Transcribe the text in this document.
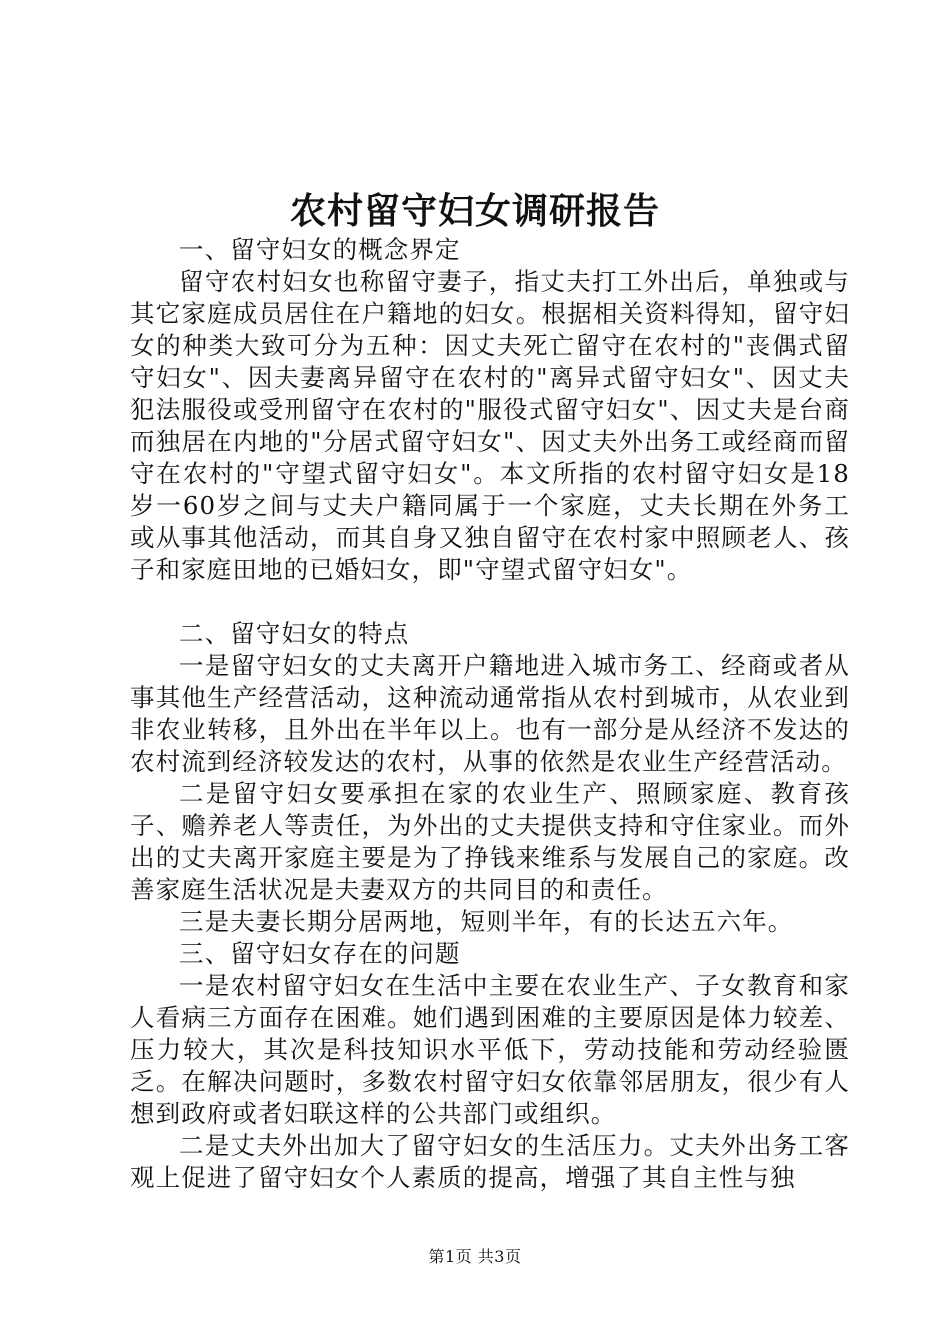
农村留守妇女调研报告

一、留守妇女的概念界定

留守农村妇女也称留守妻子，指丈夫打工外出后，单独或与其它家庭成员居住在户籍地的妇女。根据相关资料得知，留守妇女的种类大致可分为五种：因丈夫死亡留守在农村的"丧偶式留守妇女"、因夫妻离异留守在农村的"离异式留守妇女"、因丈夫犯法服役或受刑留守在农村的"服役式留守妇女"、因丈夫是台商而独居在内地的"分居式留守妇女"、因丈夫外出务工或经商而留守在农村的"守望式留守妇女"。本文所指的农村留守妇女是18岁一60岁之间与丈夫户籍同属于一个家庭，丈夫长期在外务工或从事其他活动，而其自身又独自留守在农村家中照顾老人、孩子和家庭田地的已婚妇女，即"守望式留守妇女"。

二、留守妇女的特点

一是留守妇女的丈夫离开户籍地进入城市务工、经商或者从事其他生产经营活动，这种流动通常指从农村到城市，从农业到非农业转移，且外出在半年以上。也有一部分是从经济不发达的农村流到经济较发达的农村，从事的依然是农业生产经营活动。

二是留守妇女要承担在家的农业生产、照顾家庭、教育孩子、赡养老人等责任，为外出的丈夫提供支持和守住家业。而外出的丈夫离开家庭主要是为了挣钱来维系与发展自己的家庭。改善家庭生活状况是夫妻双方的共同目的和责任。

三是夫妻长期分居两地，短则半年，有的长达五六年。

三、留守妇女存在的问题

一是农村留守妇女在生活中主要在农业生产、子女教育和家人看病三方面存在困难。她们遇到困难的主要原因是体力较差、压力较大，其次是科技知识水平低下，劳动技能和劳动经验匮乏。在解决问题时，多数农村留守妇女依靠邻居朋友，很少有人想到政府或者妇联这样的公共部门或组织。

二是丈夫外出加大了留守妇女的生活压力。丈夫外出务工客观上促进了留守妇女个人素质的提高，增强了其自主性与独

第1页 共3页
